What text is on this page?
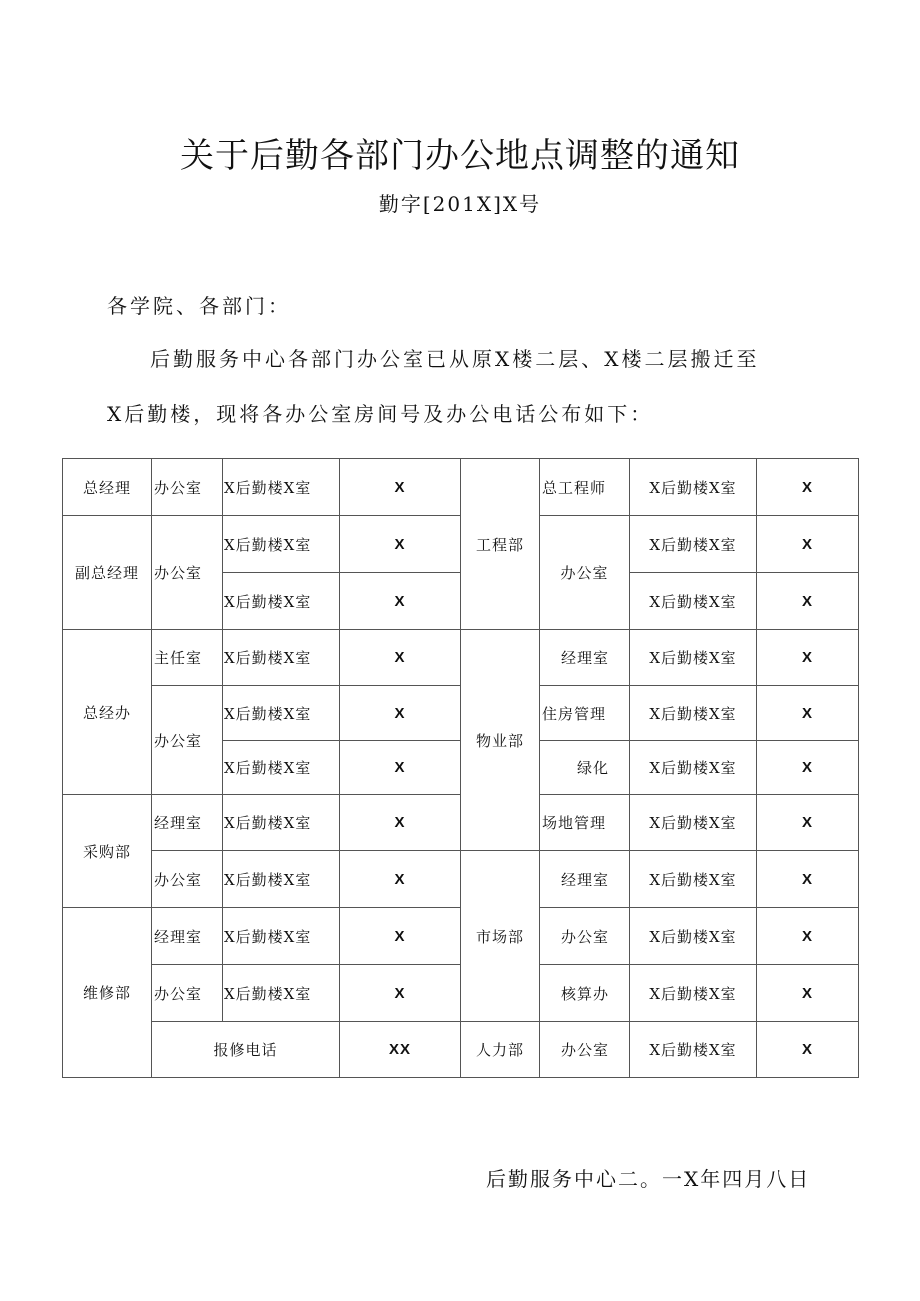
关于后勤各部门办公地点调整的通知
勤字[201X]X号
各学院、各部门：
后勤服务中心各部门办公室已从原X楼二层、X楼二层搬迁至
X后勤楼，现将各办公室房间号及办公电话公布如下：
总经理	办公室	X后勤楼X室	X	工程部	总工程师	X后勤楼X室	X
副总经理	办公室	X后勤楼X室	X		办公室	X后勤楼X室	X
		X后勤楼X室	X			X后勤楼X室	X
总经办	主任室	X后勤楼X室	X	物业部	经理室	X后勤楼X室	X
	办公室	X后勤楼X室	X		住房管理	X后勤楼X室	X
		X后勤楼X室	X		绿化	X后勤楼X室	X
采购部	经理室	X后勤楼X室	X		场地管理	X后勤楼X室	X
	办公室	X后勤楼X室	X	市场部	经理室	X后勤楼X室	X
维修部	经理室	X后勤楼X室	X		办公室	X后勤楼X室	X
	办公室	X后勤楼X室	X		核算办	X后勤楼X室	X
	报修电话		XX	人力部	办公室	X后勤楼X室	X
后勤服务中心二。一X年四月八日
